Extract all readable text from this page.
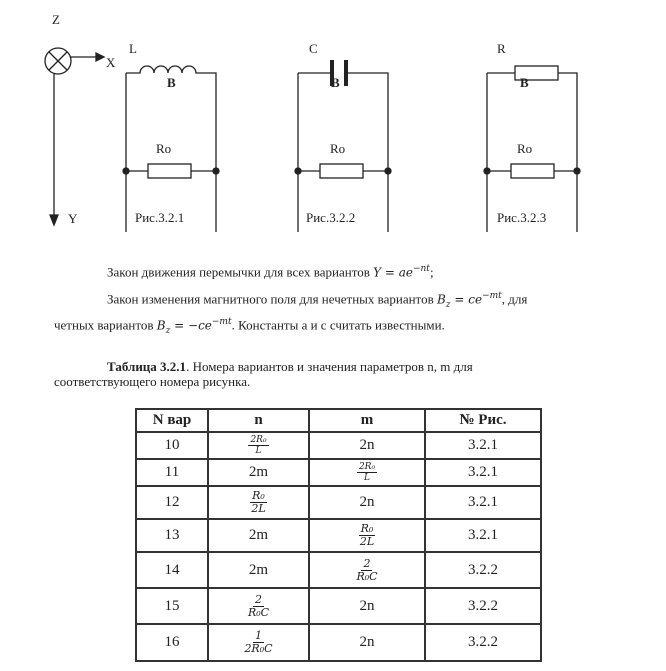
Z
X
Y
L
B
Ro
Рис.3.2.1
C
B
Ro
Рис.3.2.2
R
B
Ro
Рис.3.2.3
Закон движения перемычки для всех вариантов $Y = ae^{-nt}$;
Закон изменения магнитного поля для нечетных вариантов $B_z = ce^{-mt}$, для
четных вариантов $B_z = -ce^{-mt}$. Константы a и c считать известными.
Таблица 3.2.1. Номера вариантов и значения параметров n, m для
соответствующего номера рисунка.
N вар	n	m	№ Рис.
10	$\frac{\text{2R₀}}{L}$	2n	3.2.1
11	2m	$\frac{\text{2R₀}}{L}$	3.2.1
12	$\frac{\text{R₀}}{2L}$	2n	3.2.1
13	2m	$\frac{\text{R₀}}{2L}$	3.2.1
14	2m	$\frac{2}{\text{R₀C}}$	3.2.2
15	$\frac{2}{\text{R₀C}}$	2n	3.2.2
16	$\frac{1}{\text{2R₀C}}$	2n	3.2.2
